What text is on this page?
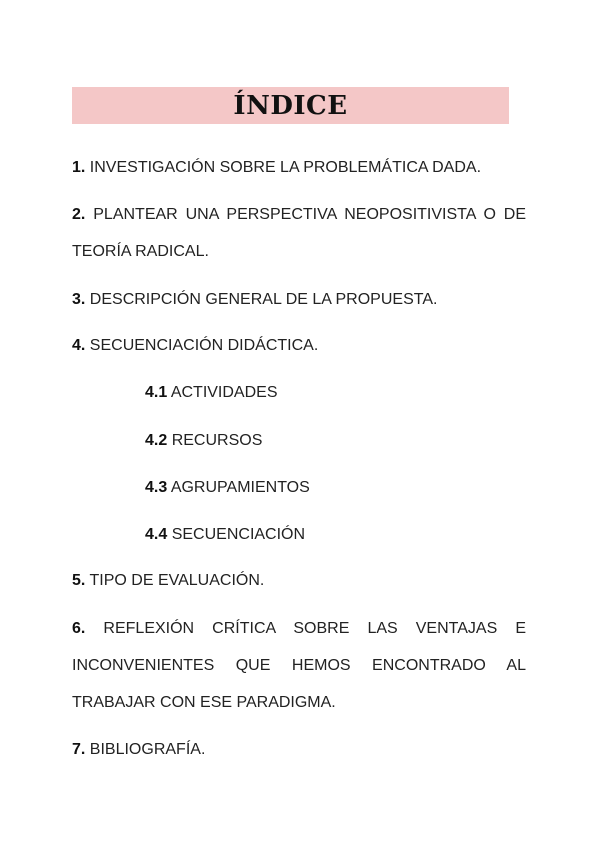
ÍNDICE
1. INVESTIGACIÓN SOBRE LA PROBLEMÁTICA DADA.
2. PLANTEAR UNA PERSPECTIVA NEOPOSITIVISTA O DE TEORÍA RADICAL.
3. DESCRIPCIÓN GENERAL DE LA PROPUESTA.
4. SECUENCIACIÓN DIDÁCTICA.
4.1 ACTIVIDADES
4.2 RECURSOS
4.3 AGRUPAMIENTOS
4.4 SECUENCIACIÓN
5. TIPO DE EVALUACIÓN.
6. REFLEXIÓN CRÍTICA SOBRE LAS VENTAJAS E INCONVENIENTES QUE HEMOS ENCONTRADO AL TRABAJAR CON ESE PARADIGMA.
7. BIBLIOGRAFÍA.
